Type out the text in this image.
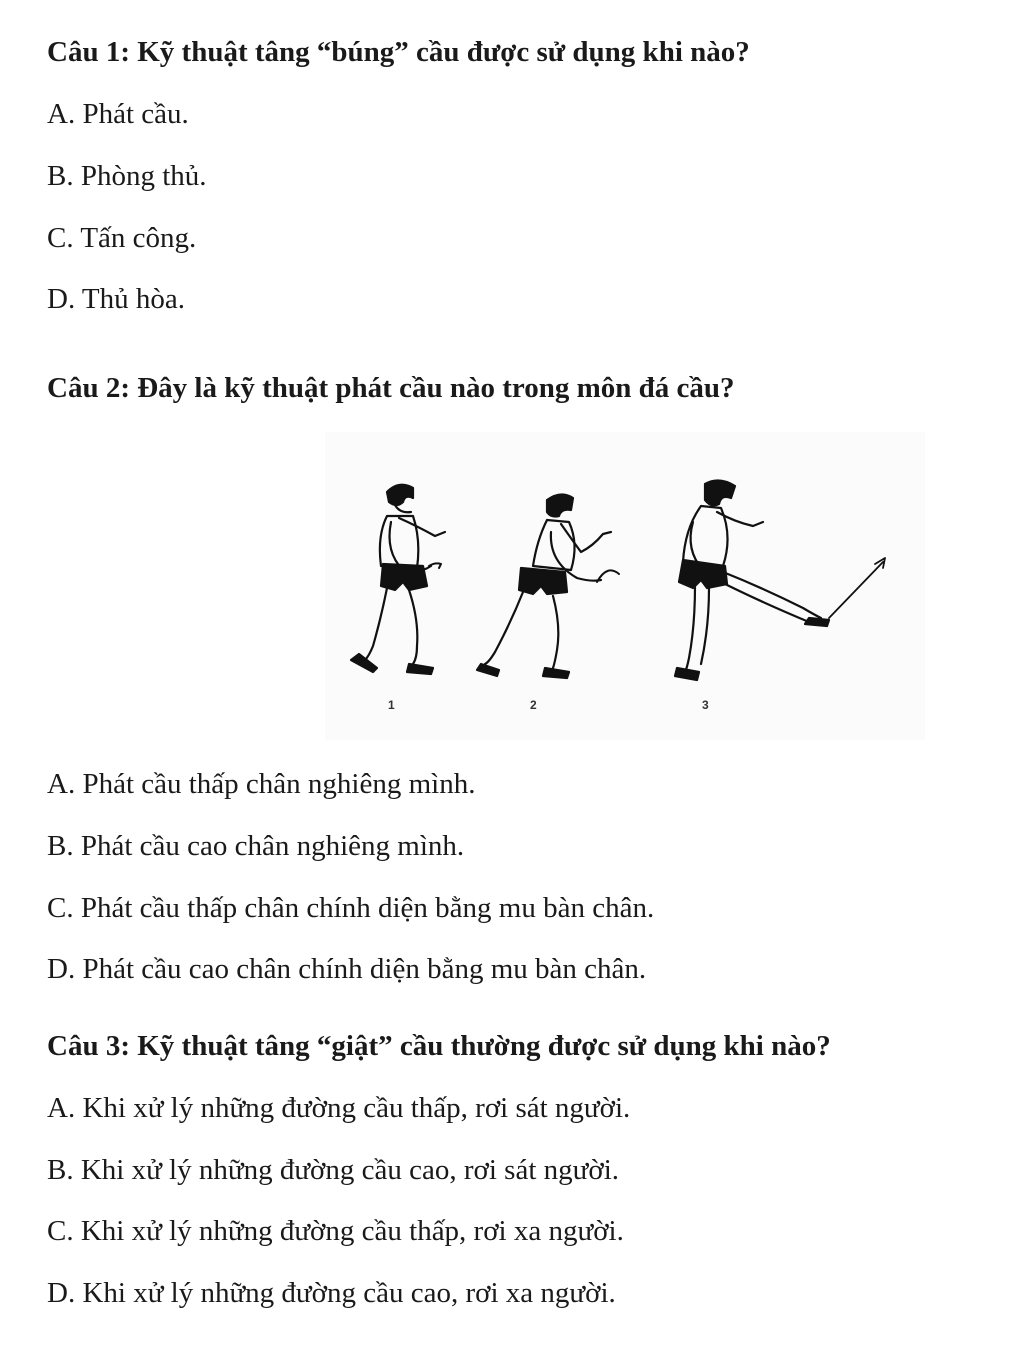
Câu 1: Kỹ thuật tâng “búng” cầu được sử dụng khi nào?

A. Phát cầu.
B. Phòng thủ.
C. Tấn công.
D. Thủ hòa.

Câu 2: Đây là kỹ thuật phát cầu nào trong môn đá cầu?

1	2	3
A. Phát cầu thấp chân nghiêng mình.
B. Phát cầu cao chân nghiêng mình.
C. Phát cầu thấp chân chính diện bằng mu bàn chân.
D. Phát cầu cao chân chính diện bằng mu bàn chân.

Câu 3: Kỹ thuật tâng “giật” cầu thường được sử dụng khi nào?

A. Khi xử lý những đường cầu thấp, rơi sát người.
B. Khi xử lý những đường cầu cao, rơi sát người.
C. Khi xử lý những đường cầu thấp, rơi xa người.
D. Khi xử lý những đường cầu cao, rơi xa người.
